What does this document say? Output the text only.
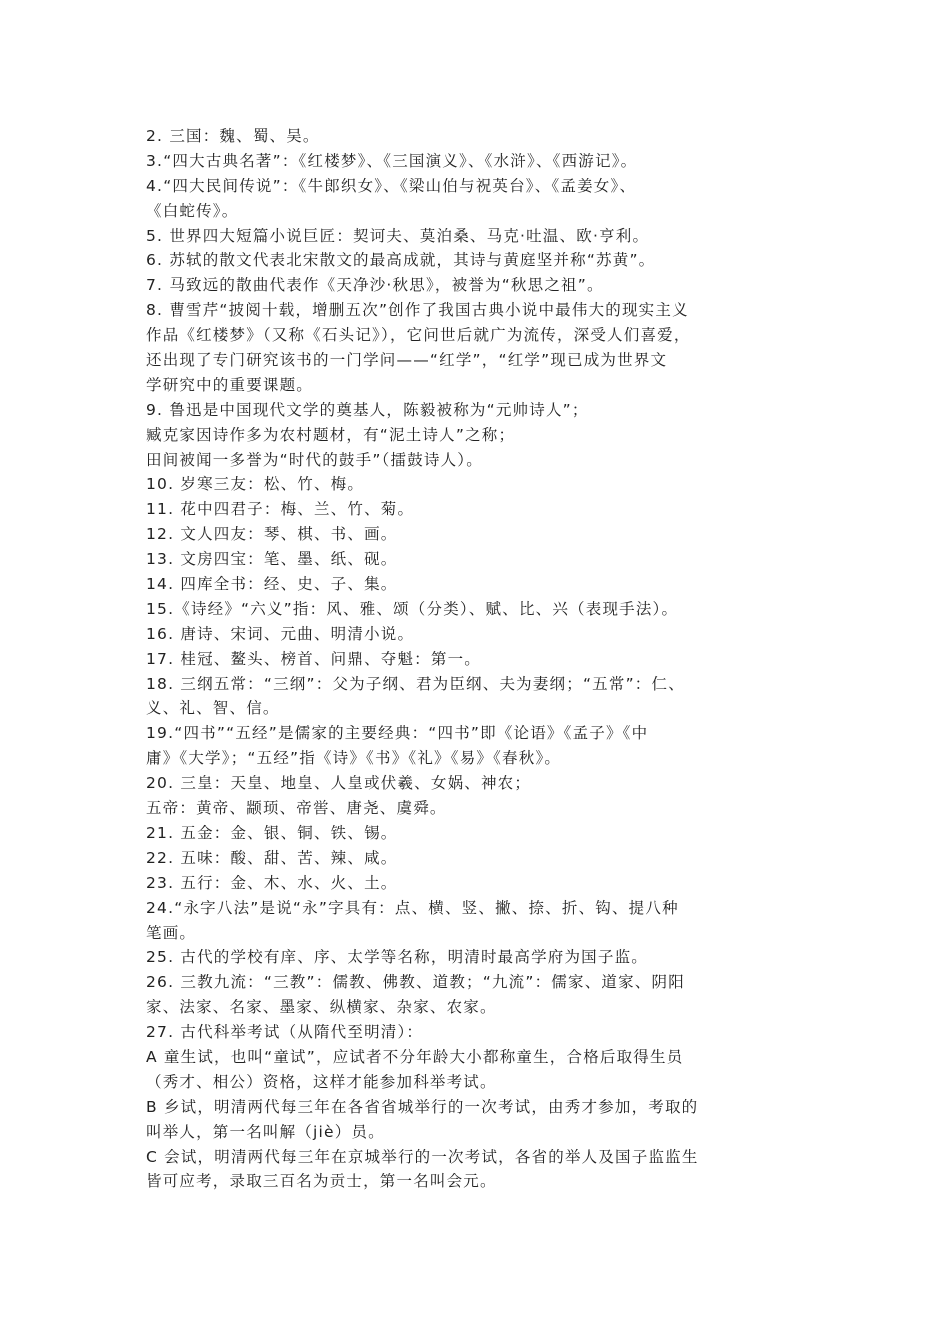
2. 三国：魏、蜀、吴。
3.“四大古典名著”：《红楼梦》、《三国演义》、《水浒》、《西游记》。
4.“四大民间传说”：《牛郎织女》、《梁山伯与祝英台》、《孟姜女》、
《白蛇传》。
5. 世界四大短篇小说巨匠：契诃夫、莫泊桑、马克·吐温、欧·亨利。
6. 苏轼的散文代表北宋散文的最高成就，其诗与黄庭坚并称“苏黄”。
7. 马致远的散曲代表作《天净沙·秋思》，被誉为“秋思之祖”。
8. 曹雪芹“披阅十载，增删五次”创作了我国古典小说中最伟大的现实主义
作品《红楼梦》（又称《石头记》），它问世后就广为流传，深受人们喜爱，
还出现了专门研究该书的一门学问——“红学”，“红学”现已成为世界文
学研究中的重要课题。
9. 鲁迅是中国现代文学的奠基人，陈毅被称为“元帅诗人”；
臧克家因诗作多为农村题材，有“泥土诗人”之称；
田间被闻一多誉为“时代的鼓手”（擂鼓诗人）。
10. 岁寒三友：松、竹、梅。
11. 花中四君子：梅、兰、竹、菊。
12. 文人四友：琴、棋、书、画。
13. 文房四宝：笔、墨、纸、砚。
14. 四库全书：经、史、子、集。
15.《诗经》“六义”指：风、雅、颂（分类）、赋、比、兴（表现手法）。
16. 唐诗、宋词、元曲、明清小说。
17. 桂冠、鳌头、榜首、问鼎、夺魁：第一。
18. 三纲五常：“三纲”：父为子纲、君为臣纲、夫为妻纲；“五常”：仁、
义、礼、智、信。
19.“四书”“五经”是儒家的主要经典：“四书”即《论语》《孟子》《中
庸》《大学》；“五经”指《诗》《书》《礼》《易》《春秋》。
20. 三皇：天皇、地皇、人皇或伏羲、女娲、神农；
五帝：黄帝、颛顼、帝喾、唐尧、虞舜。
21. 五金：金、银、铜、铁、锡。
22. 五味：酸、甜、苦、辣、咸。
23. 五行：金、木、水、火、土。
24.“永字八法”是说“永”字具有：点、横、竖、撇、捺、折、钩、提八种
笔画。
25. 古代的学校有庠、序、太学等名称，明清时最高学府为国子监。
26. 三教九流：“三教”：儒教、佛教、道教；“九流”：儒家、道家、阴阳
家、法家、名家、墨家、纵横家、杂家、农家。
27. 古代科举考试（从隋代至明清）：
A 童生试，也叫“童试”，应试者不分年龄大小都称童生，合格后取得生员
（秀才、相公）资格，这样才能参加科举考试。
B 乡试，明清两代每三年在各省省城举行的一次考试，由秀才参加，考取的
叫举人，第一名叫解（jiè）员。
C 会试，明清两代每三年在京城举行的一次考试，各省的举人及国子监监生
皆可应考，录取三百名为贡士，第一名叫会元。
